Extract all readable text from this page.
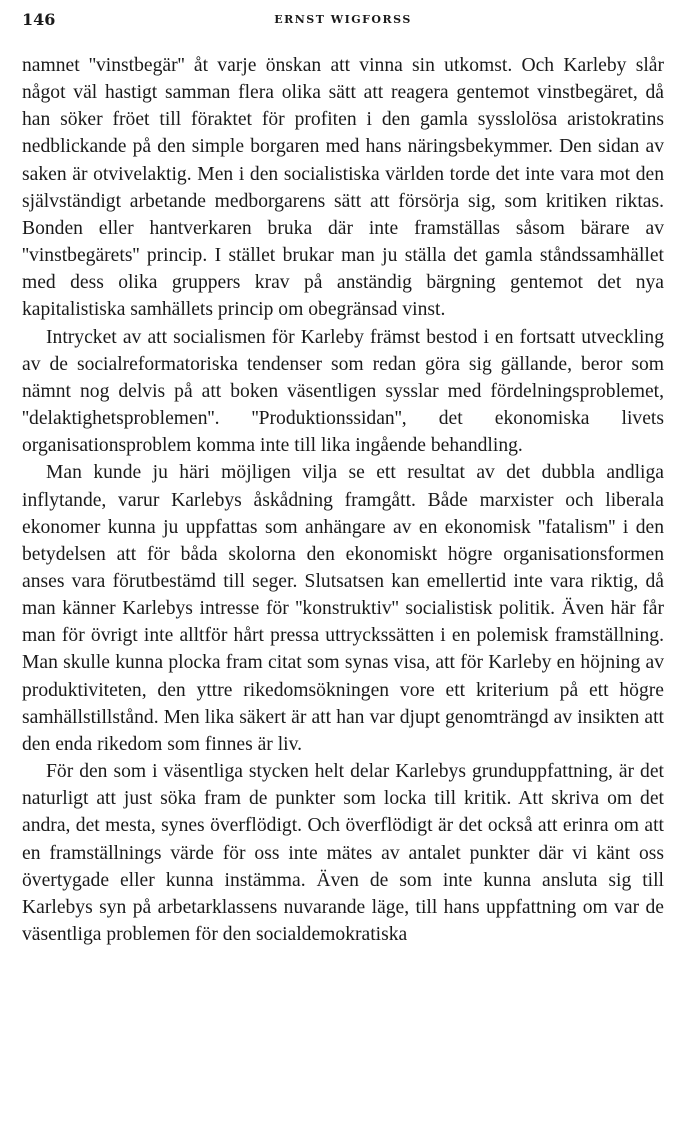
146	ERNST WIGFORSS

namnet ''vinstbegär'' åt varje önskan att vinna sin utkomst. Och Karleby slår något väl hastigt samman flera olika sätt att reagera gentemot vinstbegäret, då han söker fröet till föraktet för profiten i den gamla sysslolösa aristokratins nedblickande på den simple borgaren med hans näringsbekymmer. Den sidan av saken är otvivelaktig. Men i den socialistiska världen torde det inte vara mot den självständigt arbetande medborgarens sätt att försörja sig, som kritiken riktas. Bonden eller hantverkaren bruka där inte framställas såsom bärare av ''vinstbegärets'' princip. I stället brukar man ju ställa det gamla ståndssamhället med dess olika gruppers krav på anständig bärgning gentemot det nya kapitalistiska samhällets princip om obegränsad vinst.

Intrycket av att socialismen för Karleby främst bestod i en fortsatt utveckling av de socialreformatoriska tendenser som redan göra sig gällande, beror som nämnt nog delvis på att boken väsentligen sysslar med fördelningsproblemet, ''delaktighetsproblemen''. ''Produktionssidan'', det ekonomiska livets organisationsproblem komma inte till lika ingående behandling.

Man kunde ju häri möjligen vilja se ett resultat av det dubbla andliga inflytande, varur Karlebys åskådning framgått. Både marxister och liberala ekonomer kunna ju uppfattas som anhängare av en ekonomisk ''fatalism'' i den betydelsen att för båda skolorna den ekonomiskt högre organisationsformen anses vara förutbestämd till seger. Slutsatsen kan emellertid inte vara riktig, då man känner Karlebys intresse för ''konstruktiv'' socialistisk politik. Även här får man för övrigt inte alltför hårt pressa uttryckssätten i en polemisk framställning. Man skulle kunna plocka fram citat som synas visa, att för Karleby en höjning av produktiviteten, den yttre rikedomsökningen vore ett kriterium på ett högre samhällstillstånd. Men lika säkert är att han var djupt genomträngd av insikten att den enda rikedom som finnes är liv.

För den som i väsentliga stycken helt delar Karlebys grunduppfattning, är det naturligt att just söka fram de punkter som locka till kritik. Att skriva om det andra, det mesta, synes överflödigt. Och överflödigt är det också att erinra om att en framställnings värde för oss inte mätes av antalet punkter där vi känt oss övertygade eller kunna instämma. Även de som inte kunna ansluta sig till Karlebys syn på arbetarklassens nuvarande läge, till hans uppfattning om var de väsentliga problemen för den socialdemokratiska
